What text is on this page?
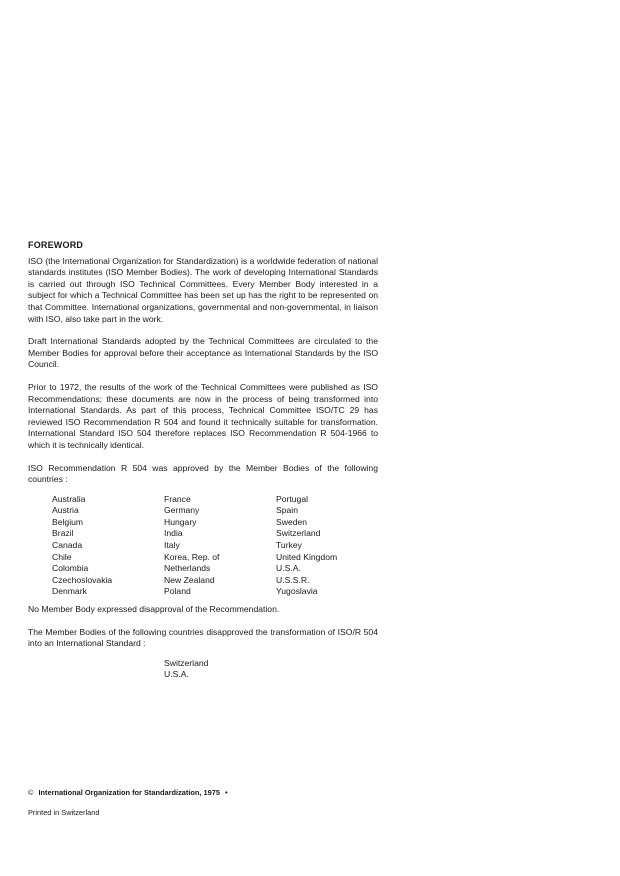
FOREWORD

ISO (the International Organization for Standardization) is a worldwide federation of national standards institutes (ISO Member Bodies). The work of developing International Standards is carried out through ISO Technical Committees. Every Member Body interested in a subject for which a Technical Committee has been set up has the right to be represented on that Committee. International organizations, governmental and non-governmental, in liaison with ISO, also take part in the work.

Draft International Standards adopted by the Technical Committees are circulated to the Member Bodies for approval before their acceptance as International Standards by the ISO Council.

Prior to 1972, the results of the work of the Technical Committees were published as ISO Recommendations; these documents are now in the process of being transformed into International Standards. As part of this process, Technical Committee ISO/TC 29 has reviewed ISO Recommendation R 504 and found it technically suitable for transformation. International Standard ISO 504 therefore replaces ISO Recommendation R 504-1966 to which it is technically identical.

ISO Recommendation R 504 was approved by the Member Bodies of the following countries :

Australia	France	Portugal
Austria	Germany	Spain
Belgium	Hungary	Sweden
Brazil	India	Switzerland
Canada	Italy	Turkey
Chile	Korea, Rep. of	United Kingdom
Colombia	Netherlands	U.S.A.
Czechoslovakia	New Zealand	U.S.S.R.
Denmark	Poland	Yugoslavia

No Member Body expressed disapproval of the Recommendation.

The Member Bodies of the following countries disapproved the transformation of ISO/R 504 into an International Standard :

Switzerland
U.S.A.
© International Organization for Standardization, 1975 •
Printed in Switzerland
